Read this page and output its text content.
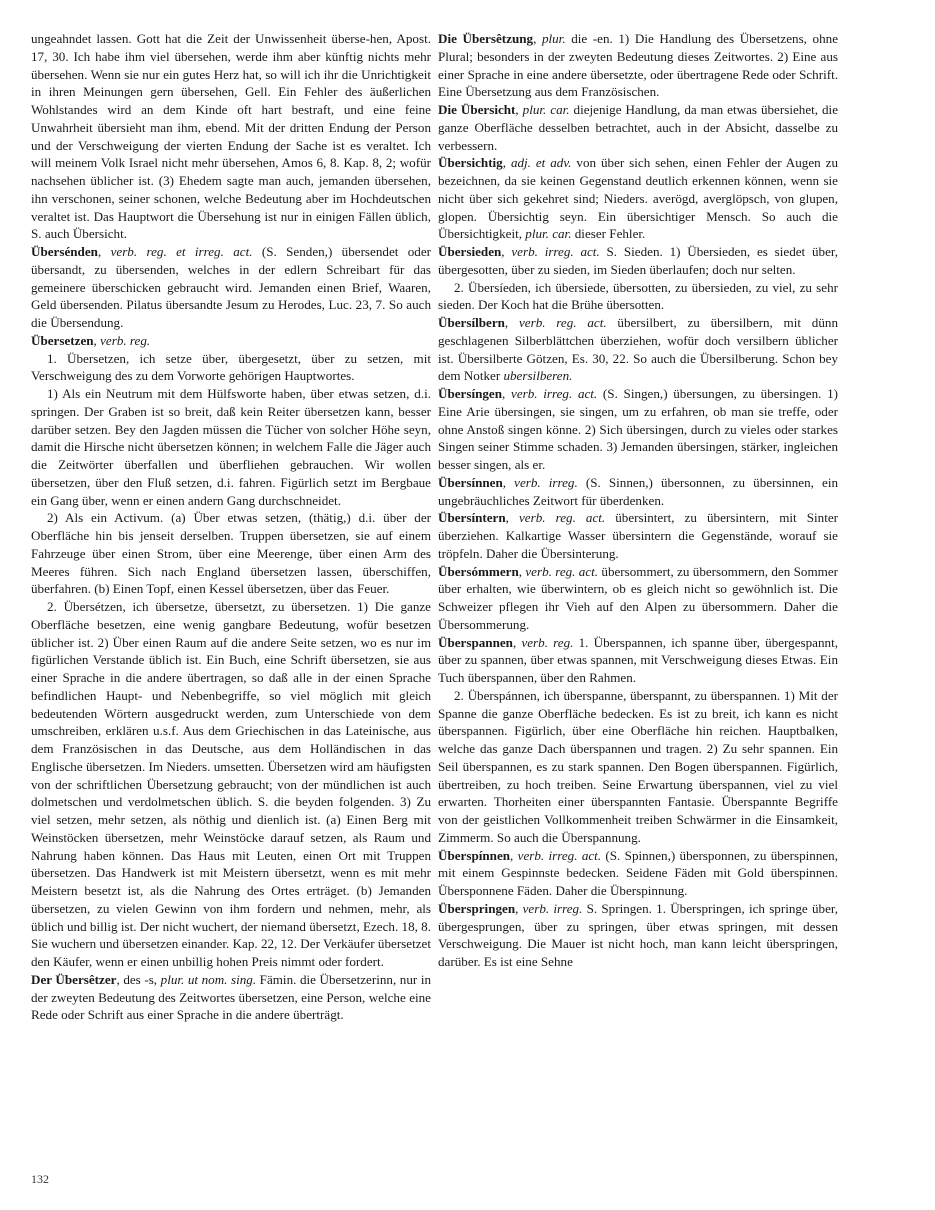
ungeahndet lassen. Gott hat die Zeit der Unwissenheit überse-hen, Apost. 17, 30. Ich habe ihm viel übersehen, werde ihm aber künftig nichts mehr übersehen. Wenn sie nur ein gutes Herz hat, so will ich ihr die Unrichtigkeit in ihren Meinungen gern übersehen, Gell. Ein Fehler des äußerlichen Wohlstandes wird an dem Kinde oft hart bestraft, und eine feine Unwahrheit übersieht man ihm, ebend. Mit der dritten Endung der Person und der Verschweigung der vierten Endung der Sache ist es veraltet. Ich will meinem Volk Israel nicht mehr übersehen, Amos 6, 8. Kap. 8, 2; wofür nachsehen üblicher ist. (3) Ehedem sagte man auch, jemanden übersehen, ihn verschonen, seiner schonen, welche Bedeutung aber im Hochdeutschen veraltet ist. Das Hauptwort die Übersehung ist nur in einigen Fällen üblich, S. auch Übersicht.

Übersénden, verb. reg. et irreg. act. (S. Senden,) übersendet oder übersandt, zu übersenden, welches in der edlern Schreibart für das gemeinere überschicken gebraucht wird. Jemanden einen Brief, Waaren, Geld übersenden. Pilatus übersandte Jesum zu Herodes, Luc. 23, 7. So auch die Übersendung.

Übersetzen, verb. reg.

1. Übersetzen, ich setze über, übergesetzt, über zu setzen, mit Verschweigung des zu dem Vorworte gehörigen Hauptwortes.

1) Als ein Neutrum mit dem Hülfsworte haben, über etwas setzen, d.i. springen. Der Graben ist so breit, daß kein Reiter übersetzen kann, besser darüber setzen. Bey den Jagden müssen die Tücher von solcher Höhe seyn, damit die Hirsche nicht übersetzen können; in welchem Falle die Jäger auch die Zeitwörter überfallen und überfliehen gebrauchen. Wir wollen übersetzen, über den Fluß setzen, d.i. fahren. Figürlich setzt im Bergbaue ein Gang über, wenn er einen andern Gang durchschneidet.

2) Als ein Activum. (a) Über etwas setzen, (thätig,) d.i. über der Oberfläche hin bis jenseit derselben. Truppen übersetzen, sie auf einem Fahrzeuge über einen Strom, über eine Meerenge, über einen Arm des Meeres führen. Sich nach England übersetzen lassen, überschiffen, überfahren. (b) Einen Topf, einen Kessel übersetzen, über das Feuer.

2. Übersétzen, ich übersetze, übersetzt, zu übersetzen. 1) Die ganze Oberfläche besetzen, eine wenig gangbare Bedeutung, wofür besetzen üblicher ist. 2) Über einen Raum auf die andere Seite setzen, wo es nur im figürlichen Verstande üblich ist. Ein Buch, eine Schrift übersetzen, sie aus einer Sprache in die andere übertragen, so daß alle in der einen Sprache befindlichen Haupt- und Nebenbegriffe, so viel möglich mit gleich bedeutenden Wörtern ausgedruckt werden, zum Unterschiede von dem umschreiben, erklären u.s.f. Aus dem Griechischen in das Lateinische, aus dem Französischen in das Deutsche, aus dem Holländischen in das Englische übersetzen. Im Nieders. umsetten. Übersetzen wird am häufigsten von der schriftlichen Übersetzung gebraucht; von der mündlichen ist auch dolmetschen und verdolmetschen üblich. S. die beyden folgenden. 3) Zu viel setzen, mehr setzen, als nöthig und dienlich ist. (a) Einen Berg mit Weinstöcken übersetzen, mehr Weinstöcke darauf setzen, als Raum und Nahrung haben können. Das Haus mit Leuten, einen Ort mit Truppen übersetzen. Das Handwerk ist mit Meistern übersetzt, wenn es mit mehr Meistern besetzt ist, als die Nahrung des Ortes erträget. (b) Jemanden übersetzen, zu vielen Gewinn von ihm fordern und nehmen, mehr, als üblich und billig ist. Der nicht wuchert, der niemand übersetzt, Ezech. 18, 8. Sie wuchern und übersetzen einander. Kap. 22, 12. Der Verkäufer übersetzet den Käufer, wenn er einen unbillig hohen Preis nimmt oder fordert.

Der Übersêtzer, des -s, plur. ut nom. sing. Fämin. die Übersetzerinn, nur in der zweyten Bedeutung des Zeitwortes übersetzen, eine Person, welche eine Rede oder Schrift aus einer Sprache in die andere überträgt.

Die Übersêtzung, plur. die -en. 1) Die Handlung des Übersetzens, ohne Plural; besonders in der zweyten Bedeutung dieses Zeitwortes. 2) Eine aus einer Sprache in eine andere übersetzte, oder übertragene Rede oder Schrift. Eine Übersetzung aus dem Französischen.

Die Übersicht, plur. car. diejenige Handlung, da man etwas übersiehet, die ganze Oberfläche desselben betrachtet, auch in der Absicht, dasselbe zu verbessern.

Übersichtig, adj. et adv. von über sich sehen, einen Fehler der Augen zu bezeichnen, da sie keinen Gegenstand deutlich erkennen können, wenn sie nicht über sich gekehret sind; Nieders. averögd, averglöpsch, von glupen, glopen. Übersichtig seyn. Ein übersichtiger Mensch. So auch die Übersichtigkeit, plur. car. dieser Fehler.

Übersieden, verb. irreg. act. S. Sieden. 1) Übersieden, es siedet über, übergesotten, über zu sieden, im Sieden überlaufen; doch nur selten.

2. Übersíeden, ich übersiede, übersotten, zu übersieden, zu viel, zu sehr sieden. Der Koch hat die Brühe übersotten.

Übersílbern, verb. reg. act. übersilbert, zu übersilbern, mit dünn geschlagenen Silberblättchen überziehen, wofür doch versilbern üblicher ist. Übersilberte Götzen, Es. 30, 22. So auch die Übersilberung. Schon bey dem Notker ubersilberen.

Übersíngen, verb. irreg. act. (S. Singen,) übersungen, zu übersingen. 1) Eine Arie übersingen, sie singen, um zu erfahren, ob man sie treffe, oder ohne Anstoß singen könne. 2) Sich übersingen, durch zu vieles oder starkes Singen seiner Stimme schaden. 3) Jemanden übersingen, stärker, ingleichen besser singen, als er.

Übersínnen, verb. irreg. (S. Sinnen,) übersonnen, zu übersinnen, ein ungebräuchliches Zeitwort für überdenken.

Übersíntern, verb. reg. act. übersintert, zu übersintern, mit Sinter überziehen. Kalkartige Wasser übersintern die Gegenstände, worauf sie tröpfeln. Daher die Übersinterung.

Übersómmern, verb. reg. act. übersommert, zu übersommern, den Sommer über erhalten, wie überwintern, ob es gleich nicht so gewöhnlich ist. Die Schweizer pflegen ihr Vieh auf den Alpen zu übersommern. Daher die Übersommerung.

Überspannen, verb. reg. 1. Überspannen, ich spanne über, übergespannt, über zu spannen, über etwas spannen, mit Verschweigung dieses Etwas. Ein Tuch überspannen, über den Rahmen.

2. Überspánnen, ich überspanne, überspannt, zu überspannen. 1) Mit der Spanne die ganze Oberfläche bedecken. Es ist zu breit, ich kann es nicht überspannen. Figürlich, über eine Oberfläche hin reichen. Hauptbalken, welche das ganze Dach überspannen und tragen. 2) Zu sehr spannen. Ein Seil überspannen, es zu stark spannen. Den Bogen überspannen. Figürlich, übertreiben, zu hoch treiben. Seine Erwartung überspannen, viel zu viel erwarten. Thorheiten einer überspannten Fantasie. Überspannte Begriffe von der geistlichen Vollkommenheit treiben Schwärmer in die Einsamkeit, Zimmerm. So auch die Überspannung.

Überspínnen, verb. irreg. act. (S. Spinnen,) übersponnen, zu überspinnen, mit einem Gespinnste bedecken. Seidene Fäden mit Gold überspinnen. Übersponnene Fäden. Daher die Überspinnung.

Überspringen, verb. irreg. S. Springen. 1. Überspringen, ich springe über, übergesprungen, über zu springen, über etwas springen, mit dessen Verschweigung. Die Mauer ist nicht hoch, man kann leicht überspringen, darüber. Es ist eine Sehne

132
